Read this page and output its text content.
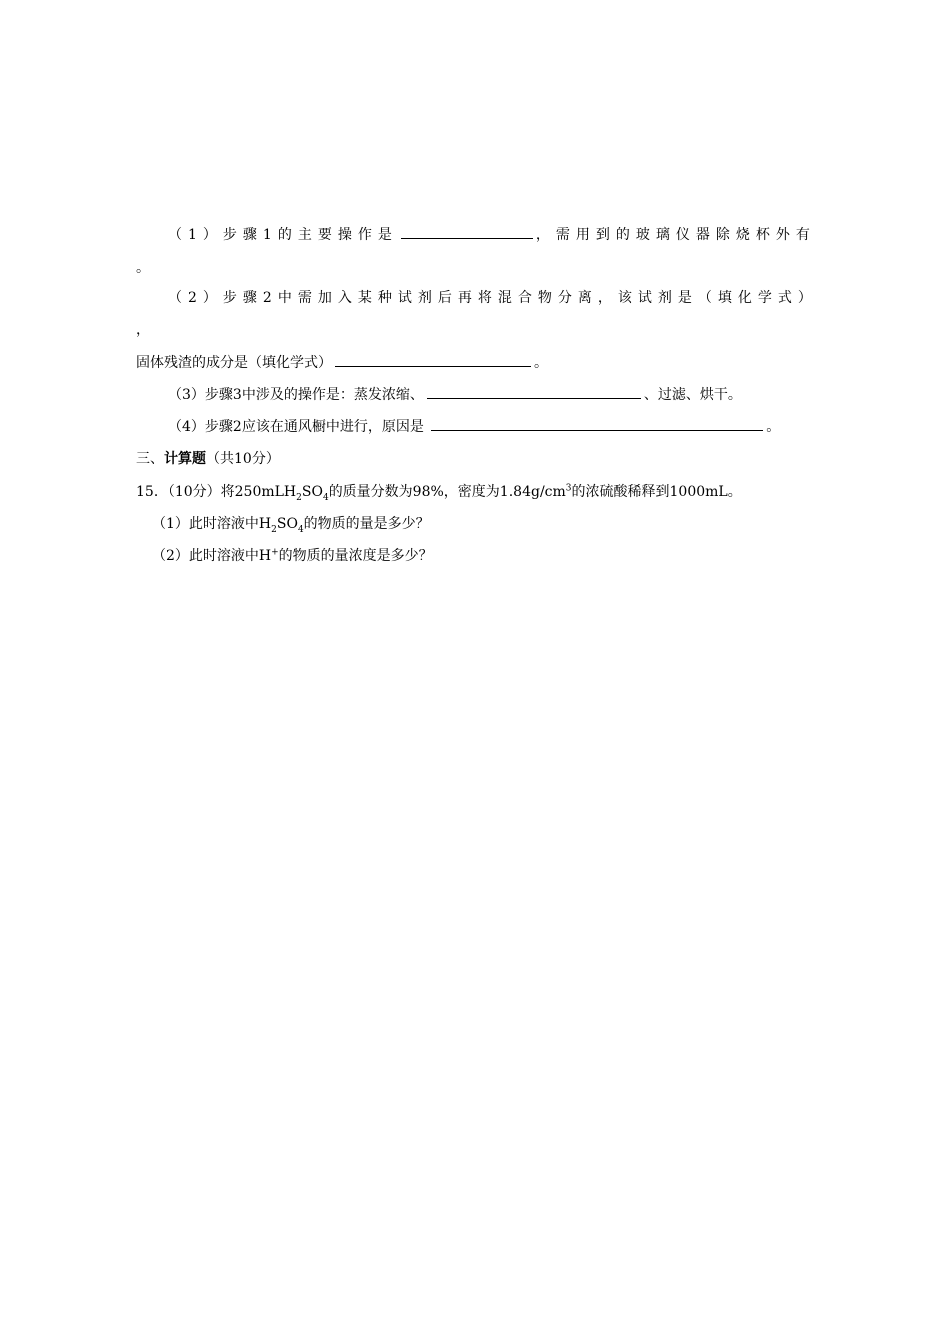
（1）步骤1的主要操作是	，需用到的玻璃仪器除烧杯外有
。
（2）步骤2中需加入某种试剂后再将混合物分离，该试剂是（填化学式）
，
固体残渣的成分是（填化学式）	。
（3）步骤3中涉及的操作是：蒸发浓缩、	、过滤、烘干。
（4）步骤2应该在通风橱中进行，原因是	。
三、计算题（共10分）
15．（10分）将$250mLH_2SO_4$的质量分数为98%，密度为$1.84g/cm^3$的浓硫酸稀释到1000mL。
（1）此时溶液中$H_2SO_4$的物质的量是多少？
（2）此时溶液中H+的物质的量浓度是多少？
